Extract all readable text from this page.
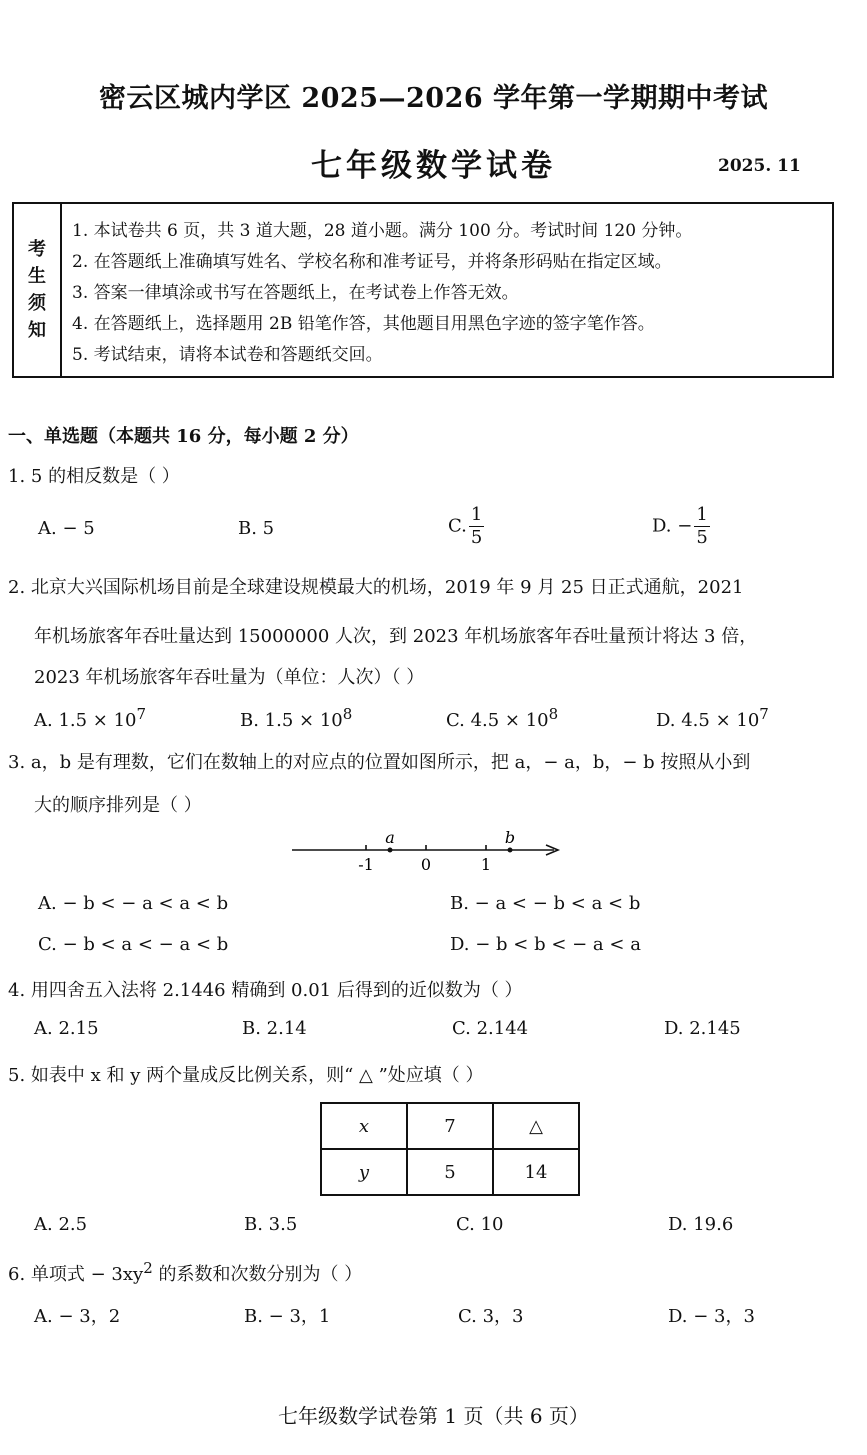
密云区城内学区 2025—2026 学年第一学期期中考试
七年级数学试卷	2025. 11
考
生
须
知
1. 本试卷共 6 页，共 3 道大题，28 道小题。满分 100 分。考试时间 120 分钟。
2. 在答题纸上准确填写姓名、学校名称和准考证号，并将条形码贴在指定区域。
3. 答案一律填涂或书写在答题纸上，在考试卷上作答无效。
4. 在答题纸上，选择题用 2B 铅笔作答，其他题目用黑色字迹的签字笔作答。
5. 考试结束，请将本试卷和答题纸交回。
一、单选题（本题共 16 分，每小题 2 分）
1. 5 的相反数是（ ）
A. − 5	B. 5	C. $\frac{1}{5}$	D. − $\frac{1}{5}$
2. 北京大兴国际机场目前是全球建设规模最大的机场，2019 年 9 月 25 日正式通航，2021
年机场旅客年吞吐量达到 15000000 人次，到 2023 年机场旅客年吞吐量预计将达 3 倍，
2023 年机场旅客年吞吐量为（单位：人次）（ ）
A. $1.5 \times 10^7$	B. $1.5 \times 10^8$	C. $4.5 \times 10^8$	D. $4.5 \times 10^7$
3. a，b 是有理数，它们在数轴上的对应点的位置如图所示，把 a，− a，b，− b 按照从小到
大的顺序排列是（ ）
-1	0	1
a	b
A. − b < − a < a < b	B. − a < − b < a < b
C. − b < a < − a < b	D. − b < b < − a < a
4. 用四舍五入法将 2.1446 精确到 0.01 后得到的近似数为（ ）
A. 2.15	B. 2.14	C. 2.144	D. 2.145
5. 如表中 x 和 y 两个量成反比例关系，则“ △ ”处应填（ ）
x	7	△
y	5	14
A. 2.5	B. 3.5	C. 10	D. 19.6
6. 单项式 − $3xy^2$ 的系数和次数分别为（ ）
A. − 3，2	B. − 3，1	C. 3，3	D. − 3，3
七年级数学试卷第 1 页（共 6 页）
